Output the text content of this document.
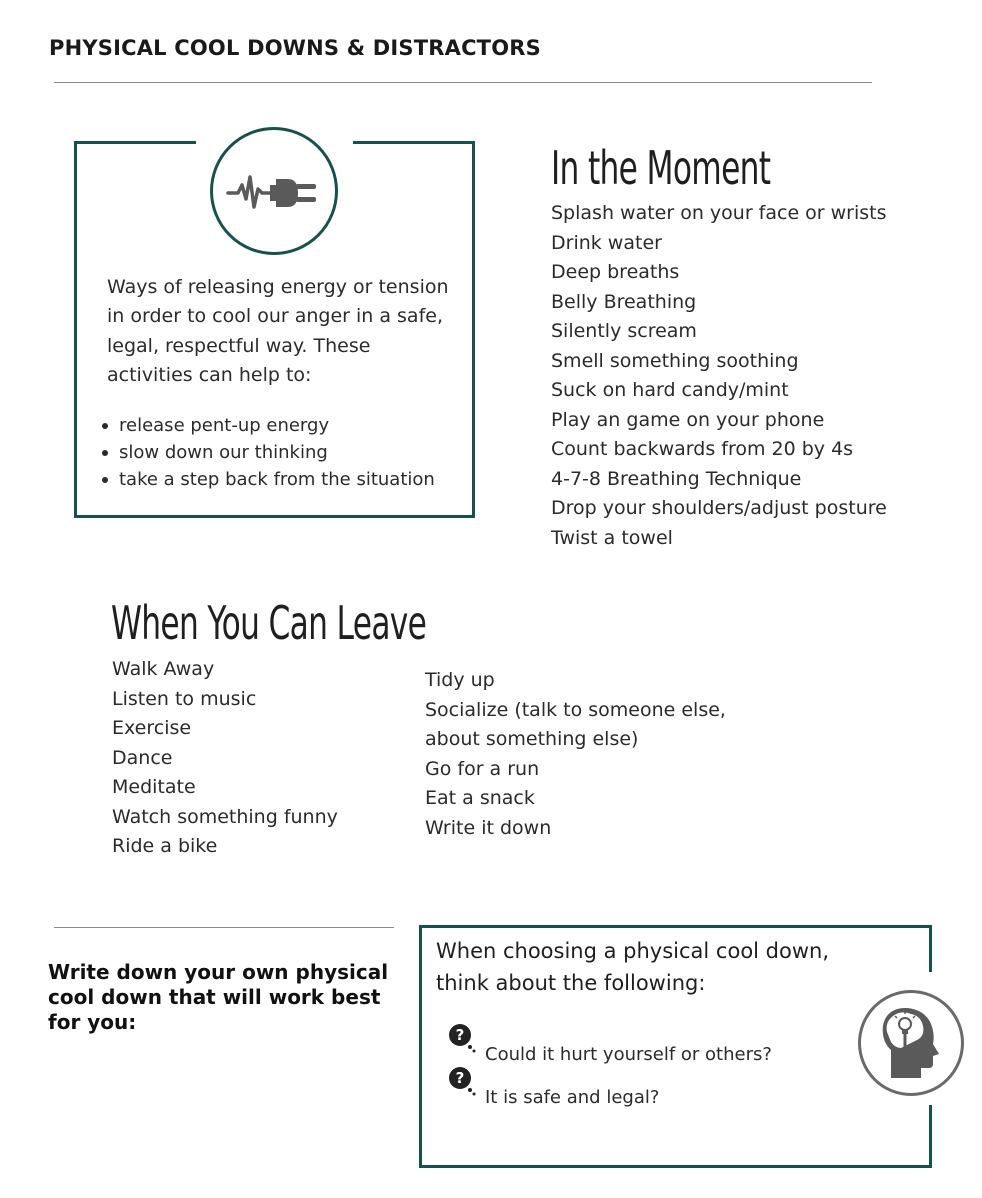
PHYSICAL COOL DOWNS & DISTRACTORS

Ways of releasing energy or tension in order to cool our anger in a safe, legal, respectful way. These activities can help to:

release pent-up energy
slow down our thinking
take a step back from the situation
In the Moment
Splash water on your face or wrists
Drink water
Deep breaths
Belly Breathing
Silently scream
Smell something soothing
Suck on hard candy/mint
Play an game on your phone
Count backwards from 20 by 4s
4-7-8 Breathing Technique
Drop your shoulders/adjust posture
Twist a towel
When You Can Leave
Walk Away
Listen to music
Exercise
Dance
Meditate
Watch something funny
Ride a bike
Tidy up
Socialize (talk to someone else,
about something else)
Go for a run
Eat a snack
Write it down

Write down your own physical cool down that will work best for you:

When choosing a physical cool down, think about the following:

?

Could it hurt yourself or others?

?

It is safe and legal?
